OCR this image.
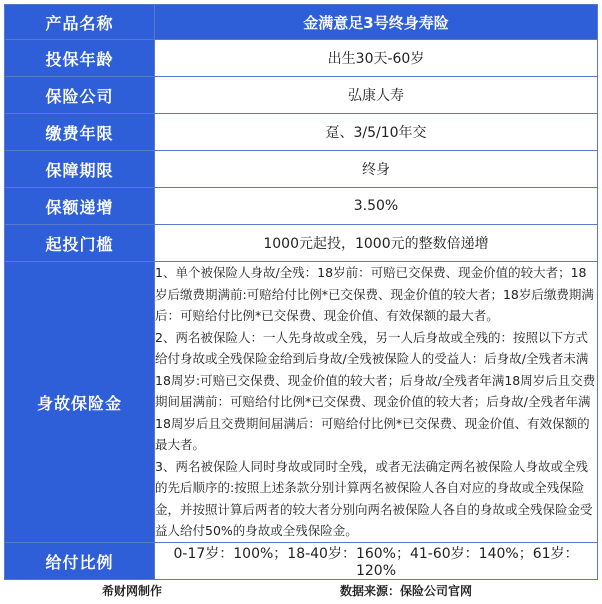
产品名称	金满意足3号终身寿险
投保年龄	出生30天-60岁
保险公司	弘康人寿
缴费年限	趸、3/5/10年交
保障期限	终身
保额递增	3.50%
起投门槛	1000元起投，1000元的整数倍递增
身故保险金	1、单个被保险人身故/全残：18岁前：可赔已交保费、现金价值的较大者；18岁后缴费期满前:可赔给付比例*已交保费、现金价值的较大者；18岁后缴费期满后：可赔给付比例*已交保费、现金价值、有效保额的最大者。

2、两名被保险人：一人先身故或全残，另一人后身故或全残的：按照以下方式给付身故或全残保险金给到后身故/全残被保险人的受益人：后身故/全残者未满18周岁:可赔已交保费、现金价值的较大者；后身故/全残者年满18周岁后且交费期间届满前：可赔给付比例*已交保费、现金价值的较大者；后身故/全残者年满18周岁后且交费期间届满后：可赔给付比例*已交保费、现金价值、有效保额的最大者。

3、两名被保险人同时身故或同时全残，或者无法确定两名被保险人身故或全残的先后顺序的:按照上述条款分别计算两名被保险人各自对应的身故或全残保险金，并按照计算后两者的较大者分别向两名被保险人各自的身故或全残保险金受益人给付50%的身故或全残保险金。

给付比例	0-17岁：100%；18-40岁：160%；41-60岁：140%；61岁：120%
希财网制作	数据来源：保险公司官网
